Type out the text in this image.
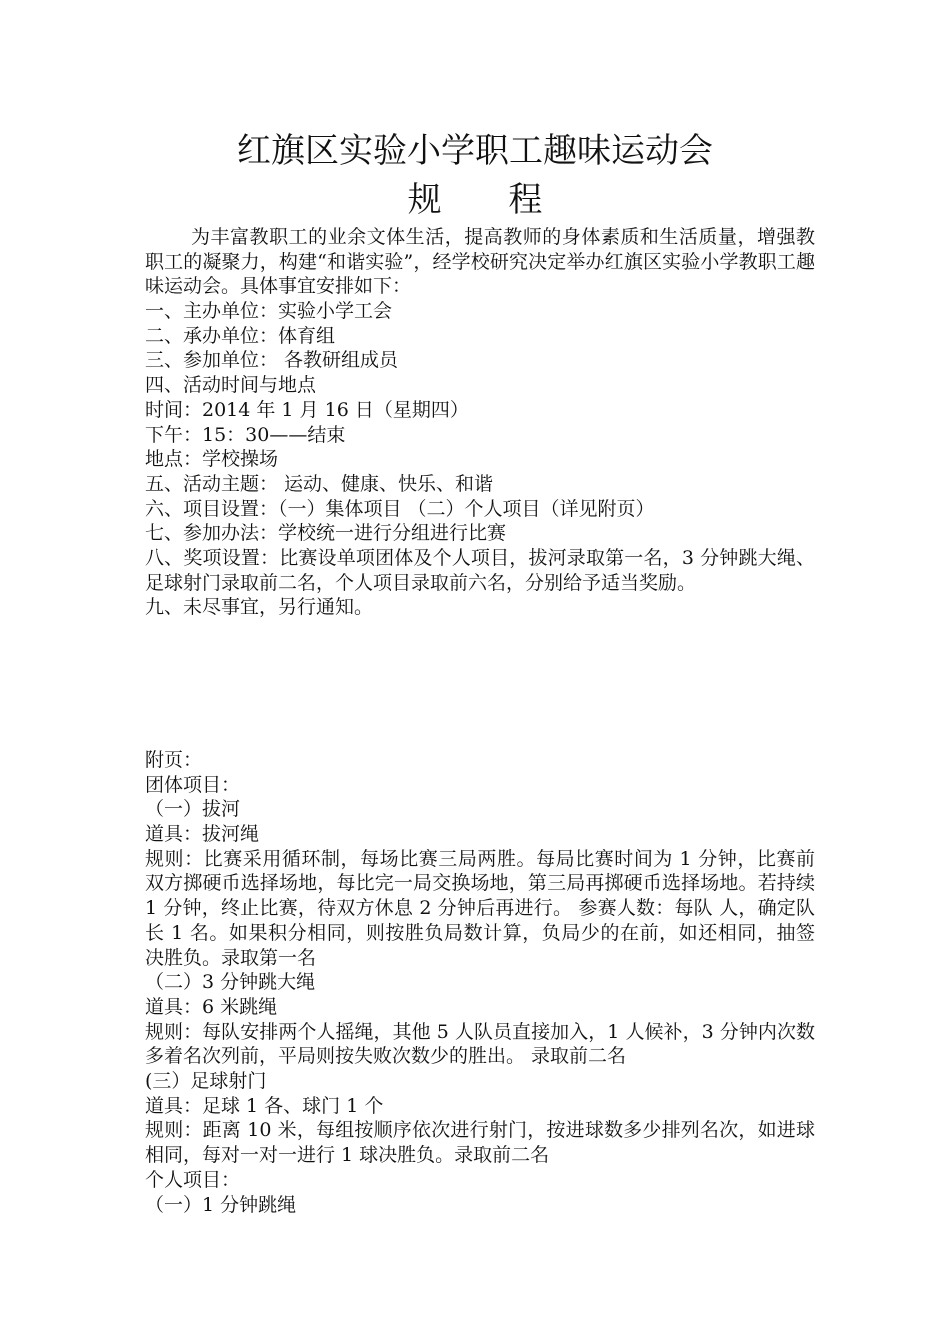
红旗区实验小学职工趣味运动会
规 程
为丰富教职工的业余文体生活，提高教师的身体素质和生活质量，增强教职工的凝聚力，构建“和谐实验”，经学校研究决定举办红旗区实验小学教职工趣味运动会。具体事宜安排如下：
一、主办单位：实验小学工会
二、承办单位：体育组
三、参加单位： 各教研组成员
四、活动时间与地点
时间：2014 年 1 月 16 日（星期四）
下午：15：30——结束
地点：学校操场
五、活动主题： 运动、健康、快乐、和谐
六、项目设置：（一）集体项目 （二）个人项目（详见附页）
七、参加办法：学校统一进行分组进行比赛
八、奖项设置：比赛设单项团体及个人项目，拔河录取第一名，3 分钟跳大绳、足球射门录取前二名，个人项目录取前六名，分别给予适当奖励。
九、未尽事宜，另行通知。
附页：
团体项目：
（一）拔河
道具：拔河绳
规则：比赛采用循环制，每场比赛三局两胜。每局比赛时间为 1 分钟，比赛前双方掷硬币选择场地，每比完一局交换场地，第三局再掷硬币选择场地。若持续 1 分钟，终止比赛，待双方休息 2 分钟后再进行。 参赛人数：每队 人，确定队长 1 名。如果积分相同，则按胜负局数计算，负局少的在前，如还相同，抽签决胜负。录取第一名
（二）3 分钟跳大绳
道具：6 米跳绳
规则：每队安排两个人摇绳，其他 5 人队员直接加入，1 人候补，3 分钟内次数多着名次列前，平局则按失败次数少的胜出。 录取前二名
(三）足球射门
道具：足球 1 各、球门 1 个
规则：距离 10 米，每组按顺序依次进行射门，按进球数多少排列名次，如进球相同，每对一对一进行 1 球决胜负。录取前二名
个人项目：
（一）1 分钟跳绳
